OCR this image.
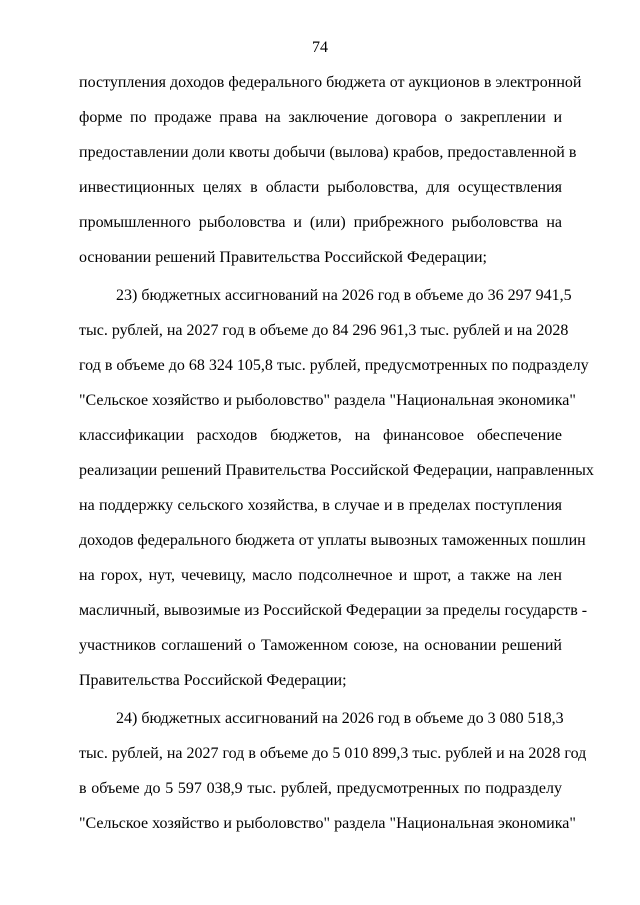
74
поступления доходов федерального бюджета от аукционов в электронной
форме по продаже права на заключение договора о закреплении и
предоставлении доли квоты добычи (вылова) крабов, предоставленной в
инвестиционных целях в области рыболовства, для осуществления
промышленного рыболовства и (или) прибрежного рыболовства на
основании решений Правительства Российской Федерации;
23) бюджетных ассигнований на 2026 год в объеме до 36 297 941,5
тыс. рублей, на 2027 год в объеме до 84 296 961,3 тыс. рублей и на 2028
год в объеме до 68 324 105,8 тыс. рублей, предусмотренных по подразделу
"Сельское хозяйство и рыболовство" раздела "Национальная экономика"
классификации расходов бюджетов, на финансовое обеспечение
реализации решений Правительства Российской Федерации, направленных
на поддержку сельского хозяйства, в случае и в пределах поступления
доходов федерального бюджета от уплаты вывозных таможенных пошлин
на горох, нут, чечевицу, масло подсолнечное и шрот, а также на лен
масличный, вывозимые из Российской Федерации за пределы государств -
участников соглашений о Таможенном союзе, на основании решений
Правительства Российской Федерации;
24) бюджетных ассигнований на 2026 год в объеме до 3 080 518,3
тыс. рублей, на 2027 год в объеме до 5 010 899,3 тыс. рублей и на 2028 год
в объеме до 5 597 038,9 тыс. рублей, предусмотренных по подразделу
"Сельское хозяйство и рыболовство" раздела "Национальная экономика"
